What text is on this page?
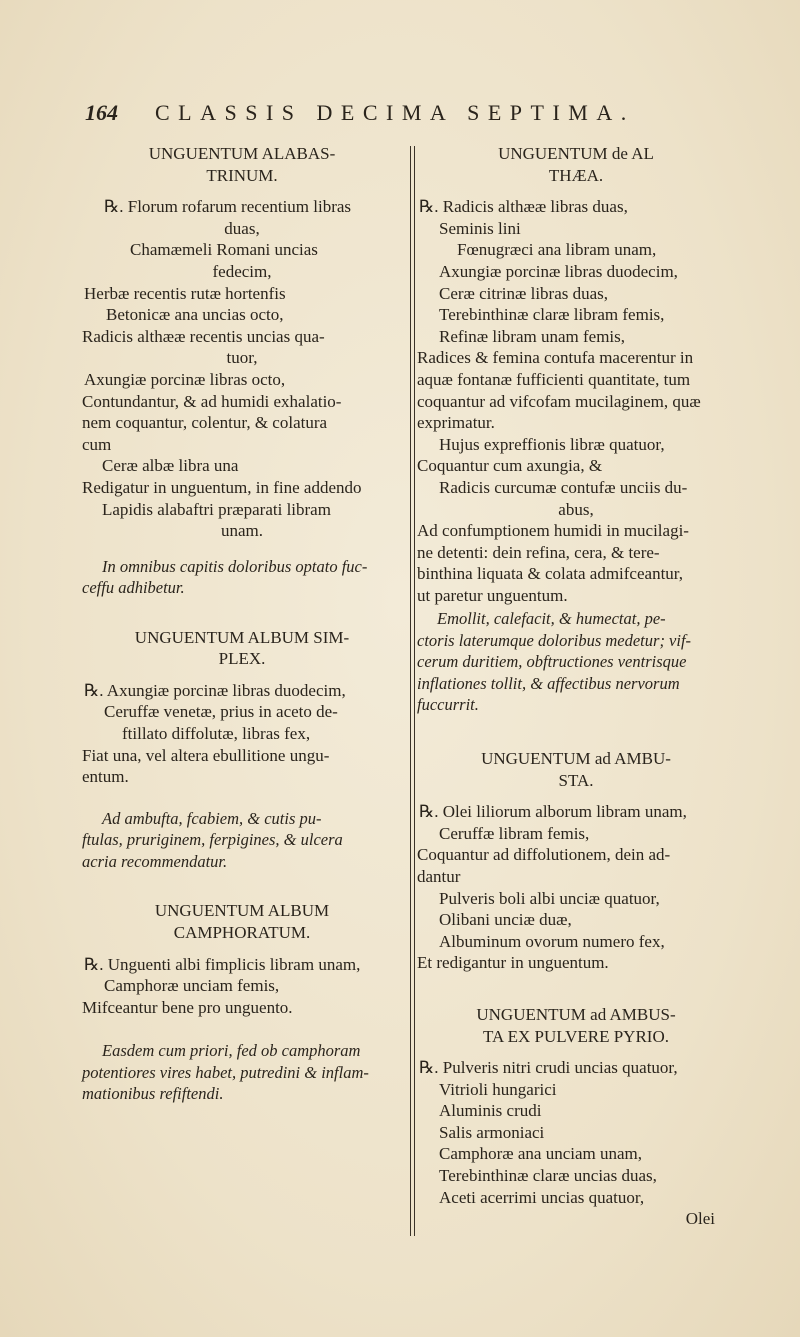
164 CLASSIS DECIMA SEPTIMA.
UNGUENTUM ALABAS-
TRINUM.
℞. Florum rofarum recentium libras
duas,
Chamæmeli Romani uncias
fedecim,
Herbæ recentis rutæ hortenfis
Betonicæ ana uncias octo,
Radicis althææ recentis uncias qua-
tuor,
Axungiæ porcinæ libras octo,
Contundantur, & ad humidi exhalatio-
nem coquantur, colentur, & colatura
cum
Ceræ albæ libra una
Redigatur in unguentum, in fine addendo
Lapidis alabaftri præparati libram
unam.
In omnibus capitis doloribus optato fuc-
ceffu adhibetur.
UNGUENTUM ALBUM SIM-
PLEX.
℞. Axungiæ porcinæ libras duodecim,
Ceruffæ venetæ, prius in aceto de-
ftillato diffolutæ, libras fex,
Fiat una, vel altera ebullitione ungu-
entum.
Ad ambufta, fcabiem, & cutis pu-
ftulas, pruriginem, ferpigines, & ulcera
acria recommendatur.
UNGUENTUM ALBUM
CAMPHORATUM.
℞. Unguenti albi fimplicis libram unam,
Camphoræ unciam femis,
Mifceantur bene pro unguento.
Easdem cum priori, fed ob camphoram
potentiores vires habet, putredini & inflam-
mationibus refiftendi.
UNGUENTUM de AL
THÆA.
℞. Radicis althææ libras duas,
Seminis lini
Fœnugræci ana libram unam,
Axungiæ porcinæ libras duodecim,
Ceræ citrinæ libras duas,
Terebinthinæ claræ libram femis,
Refinæ libram unam femis,
Radices & femina contufa macerentur in
aquæ fontanæ fufficienti quantitate, tum
coquantur ad vifcofam mucilaginem, quæ
exprimatur.
Hujus expreffionis libræ quatuor,
Coquantur cum axungia, &
Radicis curcumæ contufæ unciis du-
abus,
Ad confumptionem humidi in mucilagi-
ne detenti: dein refina, cera, & tere-
binthina liquata & colata admifceantur,
ut paretur unguentum.
Emollit, calefacit, & humectat, pe-
ctoris laterumque doloribus medetur; vif-
cerum duritiem, obftructiones ventrisque
inflationes tollit, & affectibus nervorum
fuccurrit.
UNGUENTUM ad AMBU-
STA.
℞. Olei liliorum alborum libram unam,
Ceruffæ libram femis,
Coquantur ad diffolutionem, dein ad-
dantur
Pulveris boli albi unciæ quatuor,
Olibani unciæ duæ,
Albuminum ovorum numero fex,
Et redigantur in unguentum.
UNGUENTUM ad AMBUS-
TA EX PULVERE PYRIO.
℞. Pulveris nitri crudi uncias quatuor,
Vitrioli hungarici
Aluminis crudi
Salis armoniaci
Camphoræ ana unciam unam,
Terebinthinæ claræ uncias duas,
Aceti acerrimi uncias quatuor,
Olei
